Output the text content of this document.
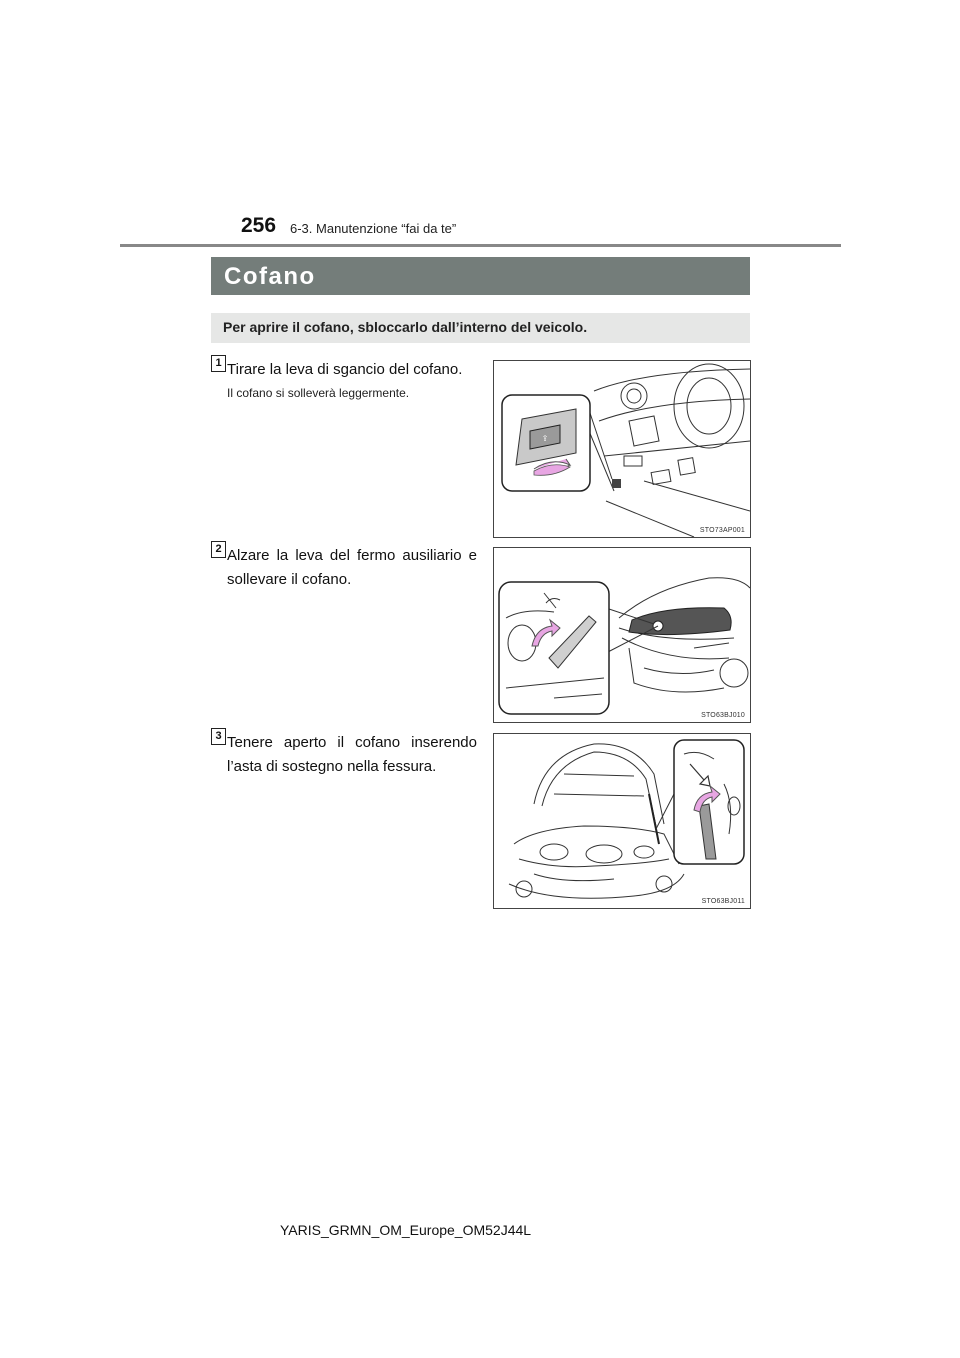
256 6-3. Manutenzione “fai da te”
Cofano
Per aprire il cofano, sbloccarlo dall’interno del veicolo.
1 Tirare la leva di sgancio del cofano.
Il cofano si solleverà leggermente.
⇪
STO73AP001
2 Alzare la leva del fermo ausiliario e sollevare il cofano.
STO63BJ010
3 Tenere aperto il cofano inserendo l’asta di sostegno nella fessura.
STO63BJ011
YARIS_GRMN_OM_Europe_OM52J44L
